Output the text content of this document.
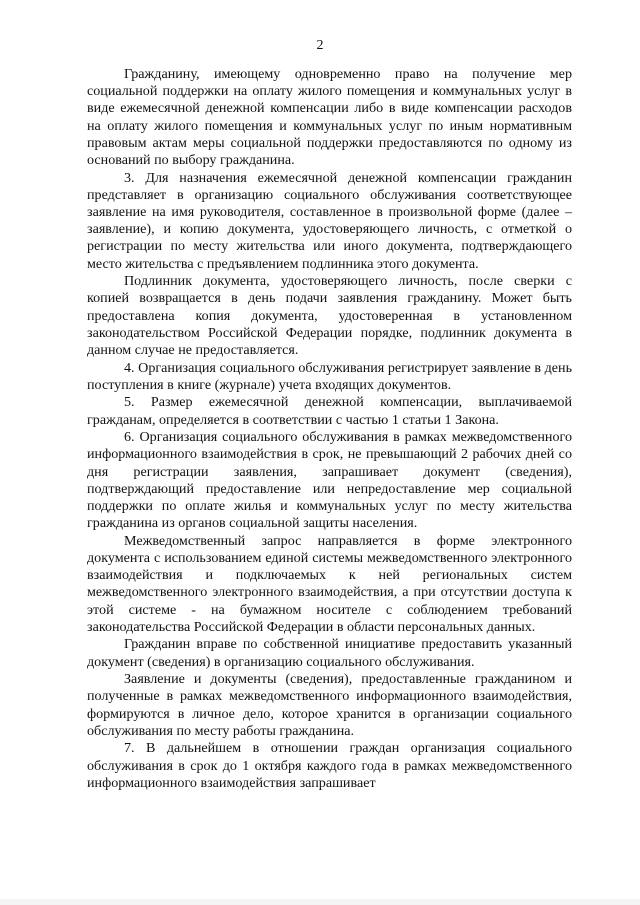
2

Гражданину, имеющему одновременно право на получение мер социальной поддержки на оплату жилого помещения и коммунальных услуг в виде ежемесячной денежной компенсации либо в виде компенсации расходов на оплату жилого помещения и коммунальных услуг по иным нормативным правовым актам меры социальной поддержки предоставляются по одному из оснований по выбору гражданина.

3. Для назначения ежемесячной денежной компенсации гражданин представляет в организацию социального обслуживания соответствующее заявление на имя руководителя, составленное в произвольной форме (далее – заявление), и копию документа, удостоверяющего личность, с отметкой о регистрации по месту жительства или иного документа, подтверждающего место жительства с предъявлением подлинника этого документа.

Подлинник документа, удостоверяющего личность, после сверки с копией возвращается в день подачи заявления гражданину. Может быть предоставлена копия документа, удостоверенная в установленном законодательством Российской Федерации порядке, подлинник документа в данном случае не предоставляется.

4. Организация социального обслуживания регистрирует заявление в день поступления в книге (журнале) учета входящих документов.

5. Размер ежемесячной денежной компенсации, выплачиваемой гражданам, определяется в соответствии с частью 1 статьи 1 Закона.

6. Организация социального обслуживания в рамках межведомственного информационного взаимодействия в срок, не превышающий 2 рабочих дней со дня регистрации заявления, запрашивает документ (сведения), подтверждающий предоставление или непредоставление мер социальной поддержки по оплате жилья и коммунальных услуг по месту жительства гражданина из органов социальной защиты населения.

Межведомственный запрос направляется в форме электронного документа с использованием единой системы межведомственного электронного взаимодействия и подключаемых к ней региональных систем межведомственного электронного взаимодействия, а при отсутствии доступа к этой системе - на бумажном носителе с соблюдением требований законодательства Российской Федерации в области персональных данных.

Гражданин вправе по собственной инициативе предоставить указанный документ (сведения) в организацию социального обслуживания.

Заявление и документы (сведения), предоставленные гражданином и полученные в рамках межведомственного информационного взаимодействия, формируются в личное дело, которое хранится в организации социального обслуживания по месту работы гражданина.

7. В дальнейшем в отношении граждан организация социального обслуживания в срок до 1 октября каждого года в рамках межведомственного информационного взаимодействия запрашивает
